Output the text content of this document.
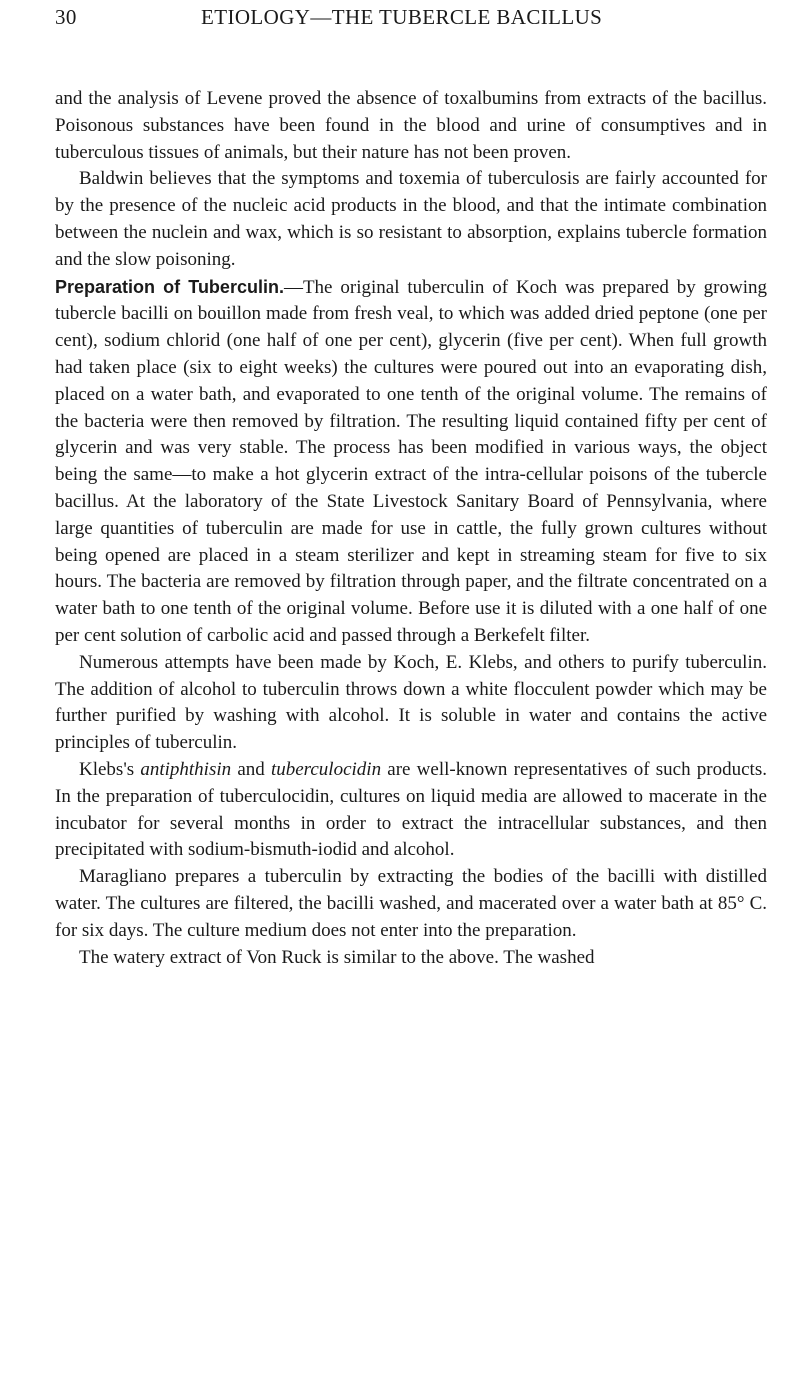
30	ETIOLOGY—THE TUBERCLE BACILLUS

and the analysis of Levene proved the absence of toxalbumins from extracts of the bacillus. Poisonous substances have been found in the blood and urine of consumptives and in tuberculous tissues of animals, but their nature has not been proven.

Baldwin believes that the symptoms and toxemia of tuberculosis are fairly accounted for by the presence of the nucleic acid products in the blood, and that the intimate combination between the nuclein and wax, which is so resistant to absorption, explains tubercle formation and the slow poisoning.

Preparation of Tuberculin.—The original tuberculin of Koch was prepared by growing tubercle bacilli on bouillon made from fresh veal, to which was added dried peptone (one per cent), sodium chlorid (one half of one per cent), glycerin (five per cent). When full growth had taken place (six to eight weeks) the cultures were poured out into an evaporating dish, placed on a water bath, and evaporated to one tenth of the original volume. The remains of the bacteria were then removed by filtration. The resulting liquid contained fifty per cent of glycerin and was very stable. The process has been modified in various ways, the object being the same—to make a hot glycerin extract of the intra-cellular poisons of the tubercle bacillus. At the laboratory of the State Livestock Sanitary Board of Pennsylvania, where large quantities of tuberculin are made for use in cattle, the fully grown cultures without being opened are placed in a steam sterilizer and kept in streaming steam for five to six hours. The bacteria are removed by filtration through paper, and the filtrate concentrated on a water bath to one tenth of the original volume. Before use it is diluted with a one half of one per cent solution of carbolic acid and passed through a Berkefelt filter.

Numerous attempts have been made by Koch, E. Klebs, and others to purify tuberculin. The addition of alcohol to tuberculin throws down a white flocculent powder which may be further purified by washing with alcohol. It is soluble in water and contains the active principles of tuberculin.

Klebs's antiphthisin and tuberculocidin are well-known representatives of such products. In the preparation of tuberculocidin, cultures on liquid media are allowed to macerate in the incubator for several months in order to extract the intracellular substances, and then precipitated with sodium-bismuth-iodid and alcohol.

Maragliano prepares a tuberculin by extracting the bodies of the bacilli with distilled water. The cultures are filtered, the bacilli washed, and macerated over a water bath at 85° C. for six days. The culture medium does not enter into the preparation.

The watery extract of Von Ruck is similar to the above. The washed
